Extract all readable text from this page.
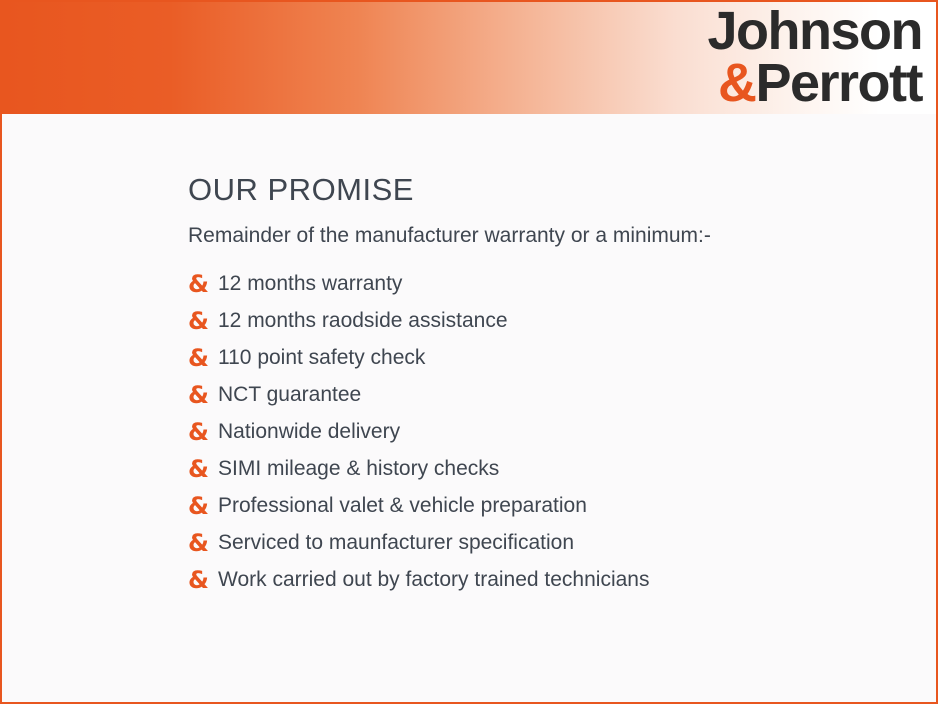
Johnson
&Perrott
OUR PROMISE

Remainder of the manufacturer warranty or a minimum:-

& 12 months warranty
& 12 months raodside assistance
& 110 point safety check
& NCT guarantee
& Nationwide delivery
& SIMI mileage & history checks
& Professional valet & vehicle preparation
& Serviced to maunfacturer specification
& Work carried out by factory trained technicians
